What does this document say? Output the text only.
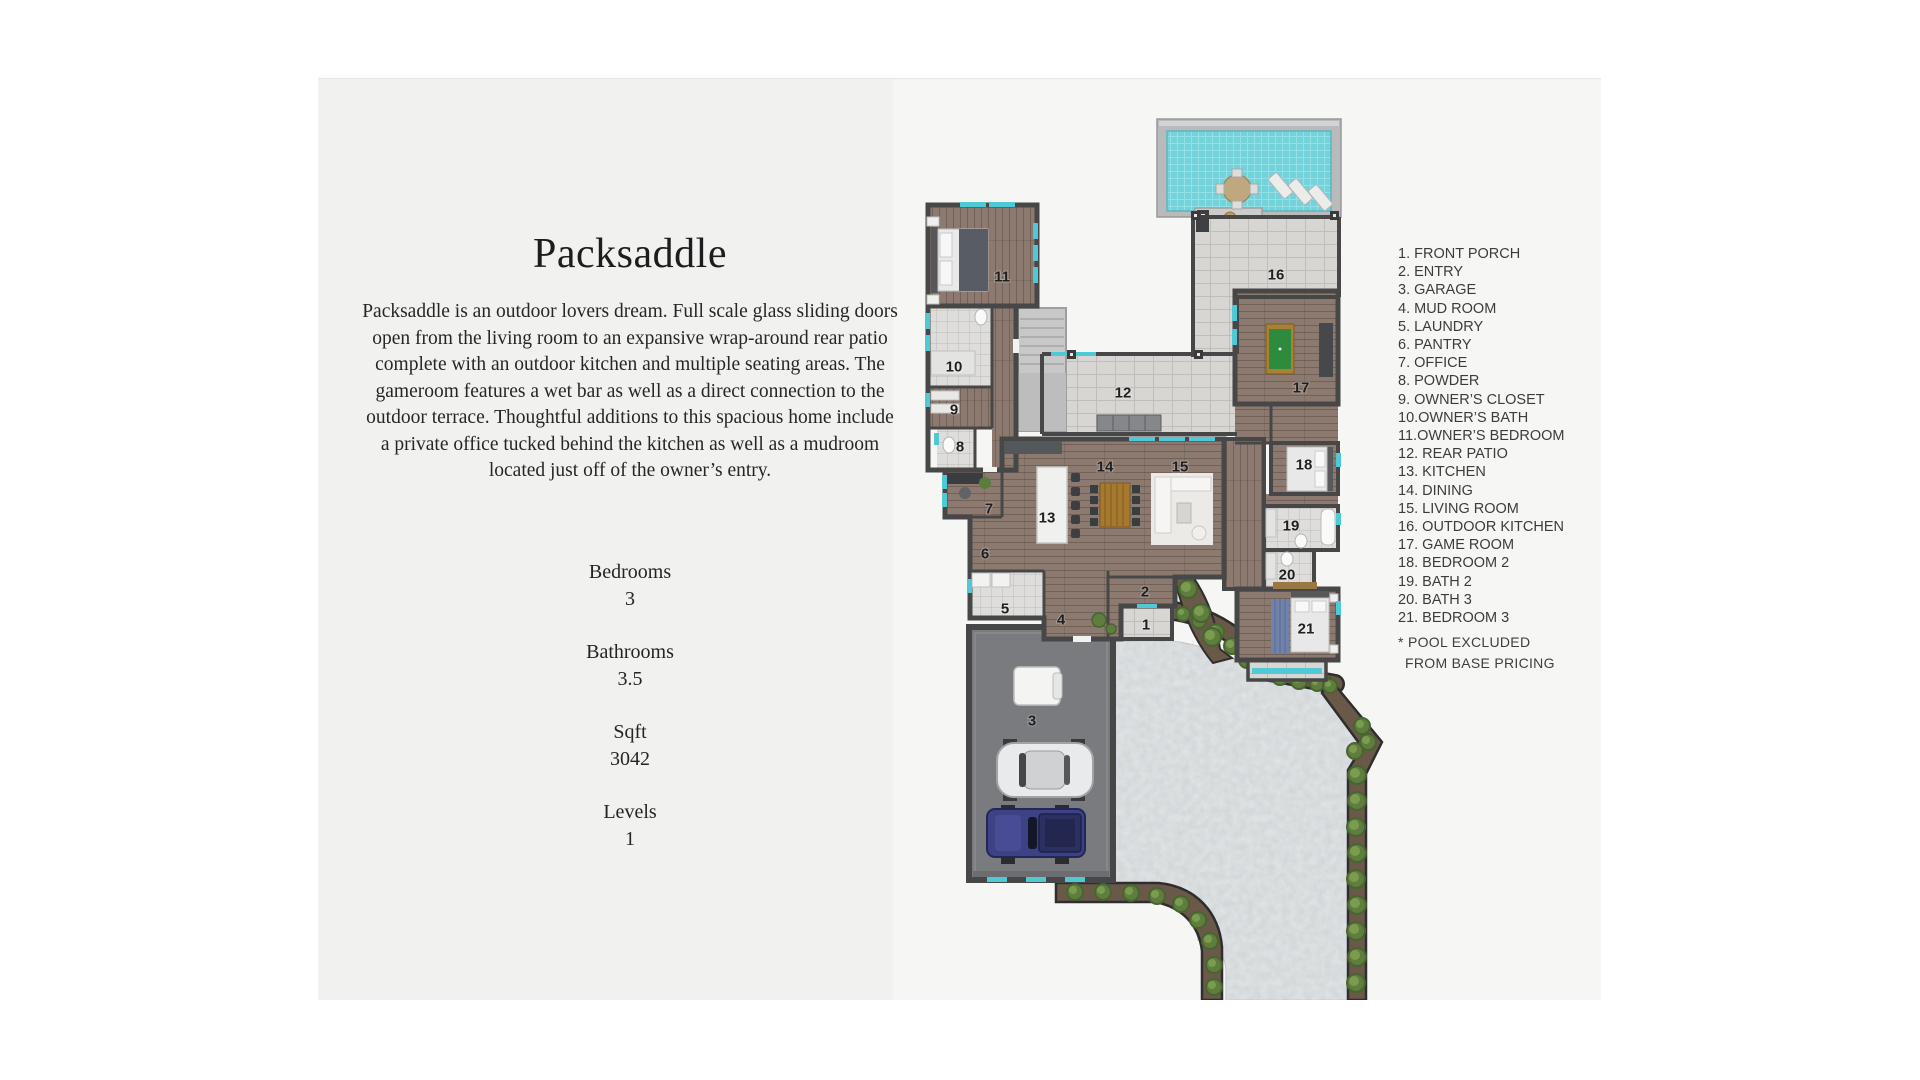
Packsaddle
Packsaddle is an outdoor lovers dream. Full scale glass sliding doors open from the living room to an expansive wrap-around rear patio complete with an outdoor kitchen and multiple seating areas. The gameroom features a wet bar as well as a direct connection to the outdoor terrace. Thoughtful additions to this spacious home include a private office tucked behind the kitchen as well as a mudroom located just off of the owner’s entry.
Bedrooms
3
Bathrooms
3.5
Sqft
3042
Levels
1
1
2
3
4
5
6
7
8
9
10
11
12
13
14	15
16
17
18
19
20
21
1. FRONT PORCH
2. ENTRY
3. GARAGE
4. MUD ROOM
5. LAUNDRY
6. PANTRY
7. OFFICE
8. POWDER
9. OWNER’S CLOSET
10.OWNER’S BATH
11.OWNER’S BEDROOM
12. REAR PATIO
13. KITCHEN
14. DINING
15. LIVING ROOM
16. OUTDOOR KITCHEN
17. GAME ROOM
18. BEDROOM 2
19. BATH 2
20. BATH 3
21. BEDROOM 3
* POOL EXCLUDED
FROM BASE PRICING
